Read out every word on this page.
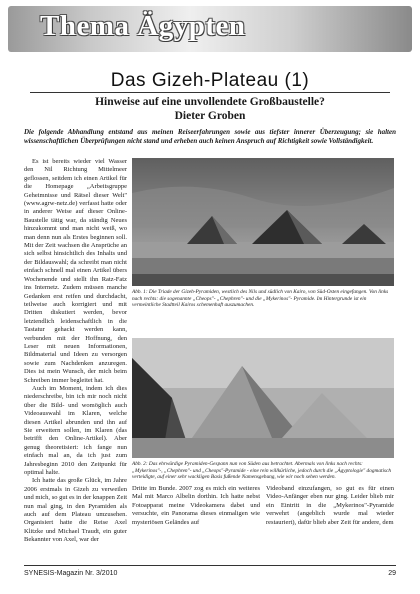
Thema Ägypten
Das Gizeh-Plateau (1)
Hinweise auf eine unvollendete Großbaustelle?
Dieter Groben
Die folgende Abhandlung entstand aus meinen Reiseerfahrungen sowie aus tiefster innerer Überzeugung; sie halten wissenschaftlichen Überprüfungen nicht stand und erheben auch keinen Anspruch auf Richtigkeit sowie Vollständigkeit.

Es ist bereits wieder viel Wasser den Nil Richtung Mittelmeer geflossen, seitdem ich einen Artikel für die Homepage „Arbeitsgruppe Geheimnisse und Rätsel dieser Welt" (www.agrw-netz.de) verfasst hatte oder in anderer Weise auf dieser Online-Baustelle tätig war, da ständig Neues hinzukommt und man nicht weiß, wo man denn nun als Erstes beginnen soll. Mit der Zeit wachsen die Ansprüche an sich selbst hinsichtlich des Inhalts und der Bildauswahl; da schreibt man nicht einfach schnell mal einen Artikel übers Wochenende und stellt ihn Ratz-Fatz ins Internetz. Zudem müssen manche Gedanken erst reifen und durchdacht, teilweise auch korrigiert und mit Dritten diskutiert werden, bevor letztendlich leidenschaftlich in die Tastatur gehackt werden kann, verbunden mit der Hoffnung, den Leser mit neuen Informationen, Bildmaterial und Ideen zu versorgen sowie zum Nachdenken anzuregen. Dies ist mein Wunsch, der mich beim Schreiben immer begleitet hat.

Auch im Moment, indem ich dies niederschreibe, bin ich mir noch nicht über die Bild- und womöglich auch Videoauswahl im Klaren, welche diesen Artikel abrunden und ihn auf Sie erweitern sollen, im Klaren (das betrifft den Online-Artikel). Aber genug theoretisiert: ich fange nun einfach mal an, da ich just zum Jahresbeginn 2010 den Zeitpunkt für optimal halte.

Ich hatte das große Glück, im Jahre 2006 erstmals in Gizeh zu verweilen und mich, so gut es in der knappen Zeit nun mal ging, in den Pyramiden als auch auf dem Plateau umzusehen. Organisiert hatte die Reise Axel Klitzke und Michael Traudt, ein guter Bekannter von Axel, war der

Abb. 1: Die Triade der Gizeh-Pyramiden, westlich des Nils und südlich von Kairo, von Süd-Osten eingefangen. Von links nach rechts: die sogenannte „Cheops"- „Chephren"- und die „Mykerinos"- Pyramide. Im Hintergrunde ist ein vermeintliche Stadtteil Kairos schemenhaft auszumachen.
Abb. 2: Das ehrwürdige Pyramiden-Gespann nun von Süden aus betrachtet. Abermals von links nach rechts: „Mykerinos"-, „Chephren"- und „Cheops"-Pyramide - eine rein willkürliche, jedoch durch die „Ägyptologie" dogmatisch verteidigte, auf einer sehr wackligen Basis fußende Namensgebung, wie wir noch sehen werden.

Dritte im Bunde. 2007 zog es mich ein weiteres Mal mit Marco Albelin dorthin. Ich hatte nebst Fotoapparat meine Videokamera dabei und versuchte, ein Panorama dieses einmaligen wie mysteriösen Geländes auf

Videoband einzufangen, so gut es für einen Video-Anfänger eben nur ging. Leider blieb mir ein Eintritt in die „Mykerinos"-Pyramide verwehrt (angeblich wurde mal wieder restauriert), dafür blieb aber Zeit für andere, dem

SYNESIS-Magazin Nr. 3/2010	29
